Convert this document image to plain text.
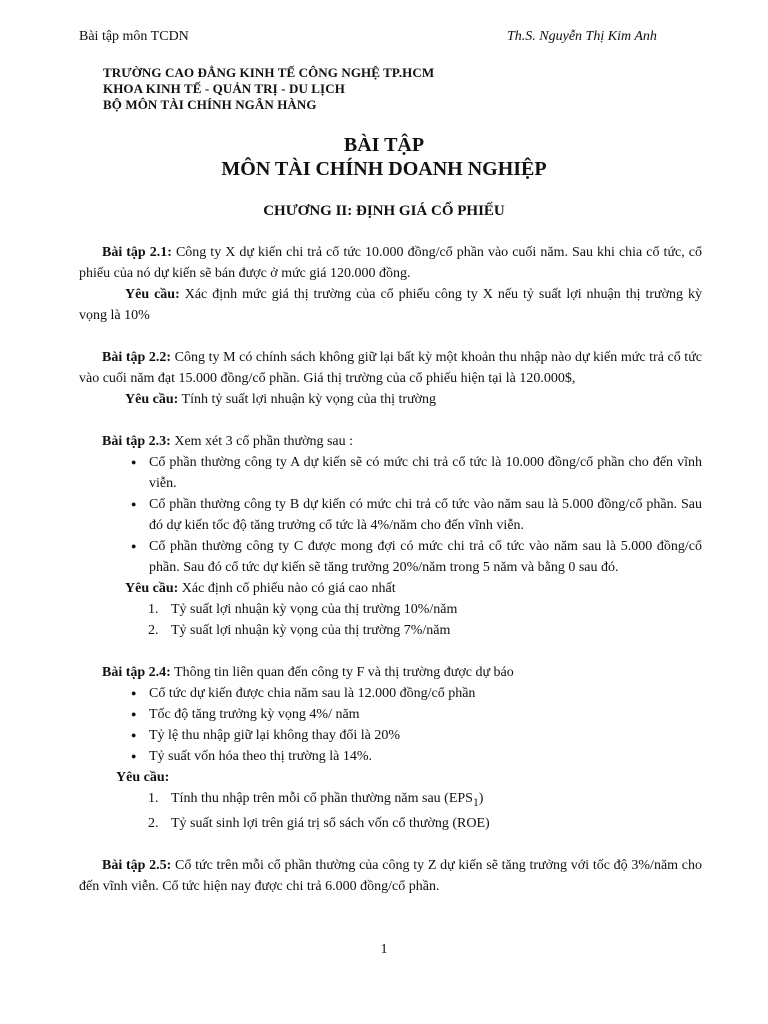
Bài tập môn TCDN	Th.S. Nguyễn Thị Kim Anh
TRƯỜNG CAO ĐẲNG KINH TẾ CÔNG NGHỆ TP.HCM
KHOA KINH TẾ - QUẢN TRỊ - DU LỊCH
BỘ MÔN TÀI CHÍNH NGÂN HÀNG
BÀI TẬP
MÔN TÀI CHÍNH DOANH NGHIỆP
CHƯƠNG II: ĐỊNH GIÁ CỔ PHIẾU

Bài tập 2.1: Công ty X dự kiến chi trả cổ tức 10.000 đồng/cổ phần vào cuối năm. Sau khi chia cổ tức, cổ phiếu của nó dự kiến sẽ bán được ở mức giá 120.000 đồng.

Yêu cầu: Xác định mức giá thị trường của cổ phiếu công ty X nếu tỷ suất lợi nhuận thị trường kỳ vọng là 10%

Bài tập 2.2: Công ty M có chính sách không giữ lại bất kỳ một khoản thu nhập nào dự kiến mức trả cổ tức vào cuối năm đạt 15.000 đồng/cổ phần. Giá thị trường của cổ phiếu hiện tại là 120.000$,

Yêu cầu: Tính tỷ suất lợi nhuận kỳ vọng của thị trường

Bài tập 2.3: Xem xét 3 cổ phần thường sau :

● Cổ phần thường công ty A dự kiến sẽ có mức chi trả cổ tức là 10.000 đồng/cổ phần cho đến vĩnh viễn.
● Cổ phần thường công ty B dự kiến có mức chi trả cổ tức vào năm sau là 5.000 đồng/cổ phần. Sau đó dự kiến tốc độ tăng trưởng cổ tức là 4%/năm cho đến vĩnh viễn.
● Cổ phần thường công ty C được mong đợi có mức chi trả cổ tức vào năm sau là 5.000 đồng/cổ phần. Sau đó cổ tức dự kiến sẽ tăng trưởng 20%/năm trong 5 năm và bằng 0 sau đó.

Yêu cầu: Xác định cổ phiếu nào có giá cao nhất

1. Tỷ suất lợi nhuận kỳ vọng của thị trường 10%/năm
2. Tỷ suất lợi nhuận kỳ vọng của thị trường 7%/năm

Bài tập 2.4: Thông tin liên quan đến công ty F và thị trường được dự báo

● Cổ tức dự kiến được chia năm sau là 12.000 đồng/cổ phần
● Tốc độ tăng trưởng kỳ vọng 4%/ năm
● Tỷ lệ thu nhập giữ lại không thay đổi là 20%
● Tỷ suất vốn hóa theo thị trường là 14%.

Yêu cầu:

1. Tính thu nhập trên mỗi cổ phần thường năm sau $(EPS_1)$
2. Tỷ suất sinh lợi trên giá trị sổ sách vốn cổ thường (ROE)

Bài tập 2.5: Cổ tức trên mỗi cổ phần thường của công ty Z dự kiến sẽ tăng trưởng với tốc độ 3%/năm cho đến vĩnh viễn. Cổ tức hiện nay được chi trả 6.000 đồng/cổ phần.

1
